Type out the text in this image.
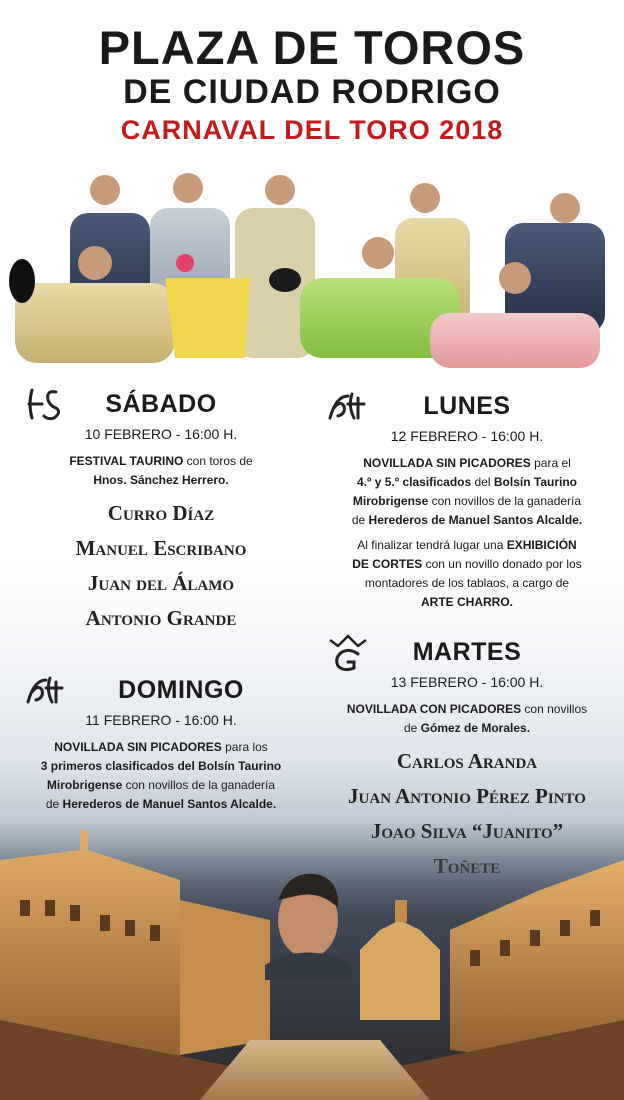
PLAZA DE TOROS
DE CIUDAD RODRIGO
CARNAVAL DEL TORO 2018
SÁBADO
10 FEBRERO - 16:00 H.
FESTIVAL TAURINO con toros de
Hnos. Sánchez Herrero.
Curro Díaz
Manuel Escribano
Juan del Álamo
Antonio Grande
DOMINGO
11 FEBRERO - 16:00 H.
NOVILLADA SIN PICADORES para los
3 primeros clasificados del Bolsín Taurino
Mirobrigense con novillos de la ganadería
de Herederos de Manuel Santos Alcalde.
LUNES
12 FEBRERO - 16:00 H.
NOVILLADA SIN PICADORES para el
4.º y 5.º clasificados del Bolsín Taurino
Mirobrigense con novillos de la ganadería
de Herederos de Manuel Santos Alcalde.
Al finalizar tendrá lugar una EXHIBICIÓN
DE CORTES con un novillo donado por los
montadores de los tablaos, a cargo de
ARTE CHARRO.
MARTES
13 FEBRERO - 16:00 H.
NOVILLADA CON PICADORES con novillos
de Gómez de Morales.
Carlos Aranda
Juan Antonio Pérez Pinto
